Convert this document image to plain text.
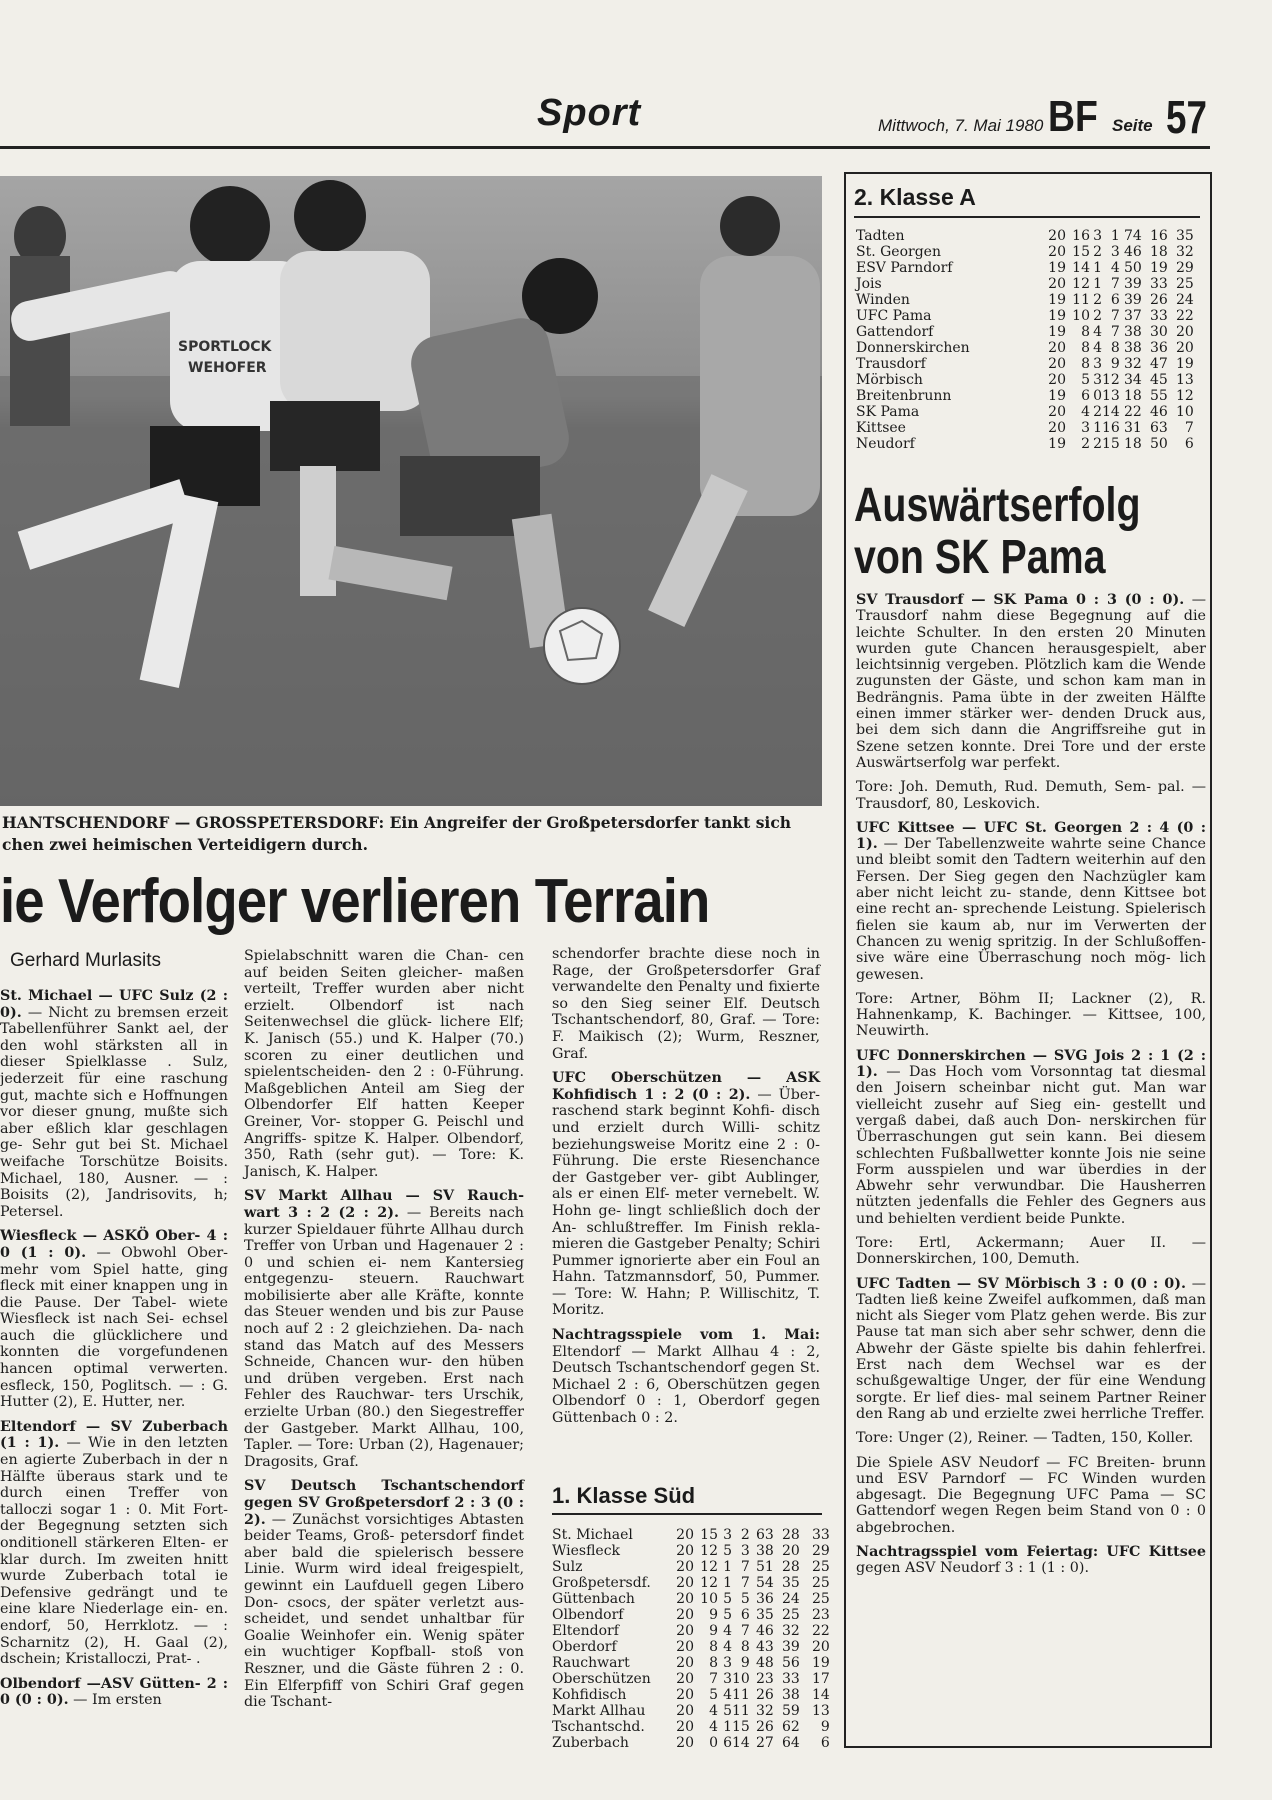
Sport	Mittwoch, 7. Mai 1980 BF Seite 57
SPORTLOCK
WEHOFER
HANTSCHENDORF — GROSSPETERSDORF: Ein Angreifer der Großpetersdorfer tankt sich chen zwei heimischen Verteidigern durch.
ie Verfolger verlieren Terrain
Gerhard Murlasits

St. Michael — UFC Sulz (2 : 0). — Nicht zu bremsen erzeit Tabellenführer Sankt ael, der den wohl stärksten all in dieser Spielklasse . Sulz, jederzeit für eine raschung gut, machte sich e Hoffnungen vor dieser gnung, mußte sich aber eßlich klar geschlagen ge- Sehr gut bei St. Michael weifache Torschütze Boisits. Michael, 180, Ausner. — : Boisits (2), Jandrisovits, h; Petersel.

Wiesfleck — ASKÖ Ober- 4 : 0 (1 : 0). — Obwohl Ober- mehr vom Spiel hatte, ging fleck mit einer knappen ung in die Pause. Der Tabel- wiete Wiesfleck ist nach Sei- echsel auch die glücklichere und konnten die vorgefundenen hancen optimal verwerten. esfleck, 150, Poglitsch. — : G. Hutter (2), E. Hutter, ner.

Eltendorf — SV Zuberbach (1 : 1). — Wie in den letzten en agierte Zuberbach in der n Hälfte überaus stark und te durch einen Treffer von talloczi sogar 1 : 0. Mit Fort- der Begegnung setzten sich onditionell stärkeren Elten- er klar durch. Im zweiten hnitt wurde Zuberbach total ie Defensive gedrängt und te eine klare Niederlage ein- en. endorf, 50, Herrklotz. — : Scharnitz (2), H. Gaal (2), dschein; Kristalloczi, Prat- .

Olbendorf —ASV Gütten- 2 : 0 (0 : 0). — Im ersten

Spielabschnitt waren die Chan- cen auf beiden Seiten gleicher- maßen verteilt, Treffer wurden aber nicht erzielt. Olbendorf ist nach Seitenwechsel die glück- lichere Elf; K. Janisch (55.) und K. Halper (70.) scoren zu einer deutlichen und spielentscheiden- den 2 : 0-Führung. Maßgeblichen Anteil am Sieg der Olbendorfer Elf hatten Keeper Greiner, Vor- stopper G. Peischl und Angriffs- spitze K. Halper. Olbendorf, 350, Rath (sehr gut). — Tore: K. Janisch, K. Halper.

SV Markt Allhau — SV Rauch- wart 3 : 2 (2 : 2). — Bereits nach kurzer Spieldauer führte Allhau durch Treffer von Urban und Hagenauer 2 : 0 und schien ei- nem Kantersieg entgegenzu- steuern. Rauchwart mobilisierte aber alle Kräfte, konnte das Steuer wenden und bis zur Pause noch auf 2 : 2 gleichziehen. Da- nach stand das Match auf des Messers Schneide, Chancen wur- den hüben und drüben vergeben. Erst nach Fehler des Rauchwar- ters Urschik, erzielte Urban (80.) den Siegestreffer der Gastgeber. Markt Allhau, 100, Tapler. — Tore: Urban (2), Hagenauer; Dragosits, Graf.

SV Deutsch Tschantschendorf gegen SV Großpetersdorf 2 : 3 (0 : 2). — Zunächst vorsichtiges Abtasten beider Teams, Groß- petersdorf findet aber bald die spielerisch bessere Linie. Wurm wird ideal freigespielt, gewinnt ein Laufduell gegen Libero Don- csocs, der später verletzt aus- scheidet, und sendet unhaltbar für Goalie Weinhofer ein. Wenig später ein wuchtiger Kopfball- stoß von Reszner, und die Gäste führen 2 : 0. Ein Elferpfiff von Schiri Graf gegen die Tschant-

schendorfer brachte diese noch in Rage, der Großpetersdorfer Graf verwandelte den Penalty und fixierte so den Sieg seiner Elf. Deutsch Tschantschendorf, 80, Graf. — Tore: F. Maikisch (2); Wurm, Reszner, Graf.

UFC Oberschützen — ASK Kohfidisch 1 : 2 (0 : 2). — Über- raschend stark beginnt Kohfi- disch und erzielt durch Willi- schitz beziehungsweise Moritz eine 2 : 0-Führung. Die erste Riesenchance der Gastgeber ver- gibt Aublinger, als er einen Elf- meter vernebelt. W. Hohn ge- lingt schließlich doch der An- schlußtreffer. Im Finish rekla- mieren die Gastgeber Penalty; Schiri Pummer ignorierte aber ein Foul an Hahn. Tatzmannsdorf, 50, Pummer. — Tore: W. Hahn; P. Willischitz, T. Moritz.

Nachtragsspiele vom 1. Mai: Eltendorf — Markt Allhau 4 : 2, Deutsch Tschantschendorf gegen St. Michael 2 : 6, Oberschützen gegen Olbendorf 0 : 1, Oberdorf gegen Güttenbach 0 : 2.

1. Klasse Süd
St. Michael	20	15	3	2	63	28	33
Wiesfleck	20	12	5	3	38	20	29
Sulz	20	12	1	7	51	28	25
Großpetersdf.	20	12	1	7	54	35	25
Güttenbach	20	10	5	5	36	24	25
Olbendorf	20	9	5	6	35	25	23
Eltendorf	20	9	4	7	46	32	22
Oberdorf	20	8	4	8	43	39	20
Rauchwart	20	8	3	9	48	56	19
Oberschützen	20	7	3	10	23	33	17
Kohfidisch	20	5	4	11	26	38	14
Markt Allhau	20	4	5	11	32	59	13
Tschantschd.	20	4	1	15	26	62	9
Zuberbach	20	0	6	14	27	64	6
2. Klasse A
Tadten	20	16	3	1	74	16	35
St. Georgen	20	15	2	3	46	18	32
ESV Parndorf	19	14	1	4	50	19	29
Jois	20	12	1	7	39	33	25
Winden	19	11	2	6	39	26	24
UFC Pama	19	10	2	7	37	33	22
Gattendorf	19	8	4	7	38	30	20
Donnerskirchen	20	8	4	8	38	36	20
Trausdorf	20	8	3	9	32	47	19
Mörbisch	20	5	3	12	34	45	13
Breitenbrunn	19	6	0	13	18	55	12
SK Pama	20	4	2	14	22	46	10
Kittsee	20	3	1	16	31	63	7
Neudorf	19	2	2	15	18	50	6
Auswärtserfolg
von SK Pama

SV Trausdorf — SK Pama 0 : 3 (0 : 0). — Trausdorf nahm diese Begegnung auf die leichte Schulter. In den ersten 20 Minuten wurden gute Chancen herausgespielt, aber leichtsinnig vergeben. Plötzlich kam die Wende zugunsten der Gäste, und schon kam man in Bedrängnis. Pama übte in der zweiten Hälfte einen immer stärker wer- denden Druck aus, bei dem sich dann die Angriffsreihe gut in Szene setzen konnte. Drei Tore und der erste Auswärtserfolg war perfekt.

Tore: Joh. Demuth, Rud. Demuth, Sem- pal. — Trausdorf, 80, Leskovich.

UFC Kittsee — UFC St. Georgen 2 : 4 (0 : 1). — Der Tabellenzweite wahrte seine Chance und bleibt somit den Tadtern weiterhin auf den Fersen. Der Sieg gegen den Nachzügler kam aber nicht leicht zu- stande, denn Kittsee bot eine recht an- sprechende Leistung. Spielerisch fielen sie kaum ab, nur im Verwerten der Chancen zu wenig spritzig. In der Schlußoffen- sive wäre eine Überraschung noch mög- lich gewesen.

Tore: Artner, Böhm II; Lackner (2), R. Hahnenkamp, K. Bachinger. — Kittsee, 100, Neuwirth.

UFC Donnerskirchen — SVG Jois 2 : 1 (2 : 1). — Das Hoch vom Vorsonntag tat diesmal den Joisern scheinbar nicht gut. Man war vielleicht zusehr auf Sieg ein- gestellt und vergaß dabei, daß auch Don- nerskirchen für Überraschungen gut sein kann. Bei diesem schlechten Fußballwetter konnte Jois nie seine Form ausspielen und war überdies in der Abwehr sehr verwundbar. Die Hausherren nützten jedenfalls die Fehler des Gegners aus und behielten verdient beide Punkte.

Tore: Ertl, Ackermann; Auer II. — Donnerskirchen, 100, Demuth.

UFC Tadten — SV Mörbisch 3 : 0 (0 : 0). — Tadten ließ keine Zweifel aufkommen, daß man nicht als Sieger vom Platz gehen werde. Bis zur Pause tat man sich aber sehr schwer, denn die Abwehr der Gäste spielte bis dahin fehlerfrei. Erst nach dem Wechsel war es der schußgewaltige Unger, der für eine Wendung sorgte. Er lief dies- mal seinem Partner Reiner den Rang ab und erzielte zwei herrliche Treffer.

Tore: Unger (2), Reiner. — Tadten, 150, Koller.

Die Spiele ASV Neudorf — FC Breiten- brunn und ESV Parndorf — FC Winden wurden abgesagt. Die Begegnung UFC Pama — SC Gattendorf wegen Regen beim Stand von 0 : 0 abgebrochen.

Nachtragsspiel vom Feiertag: UFC Kittsee gegen ASV Neudorf 3 : 1 (1 : 0).
